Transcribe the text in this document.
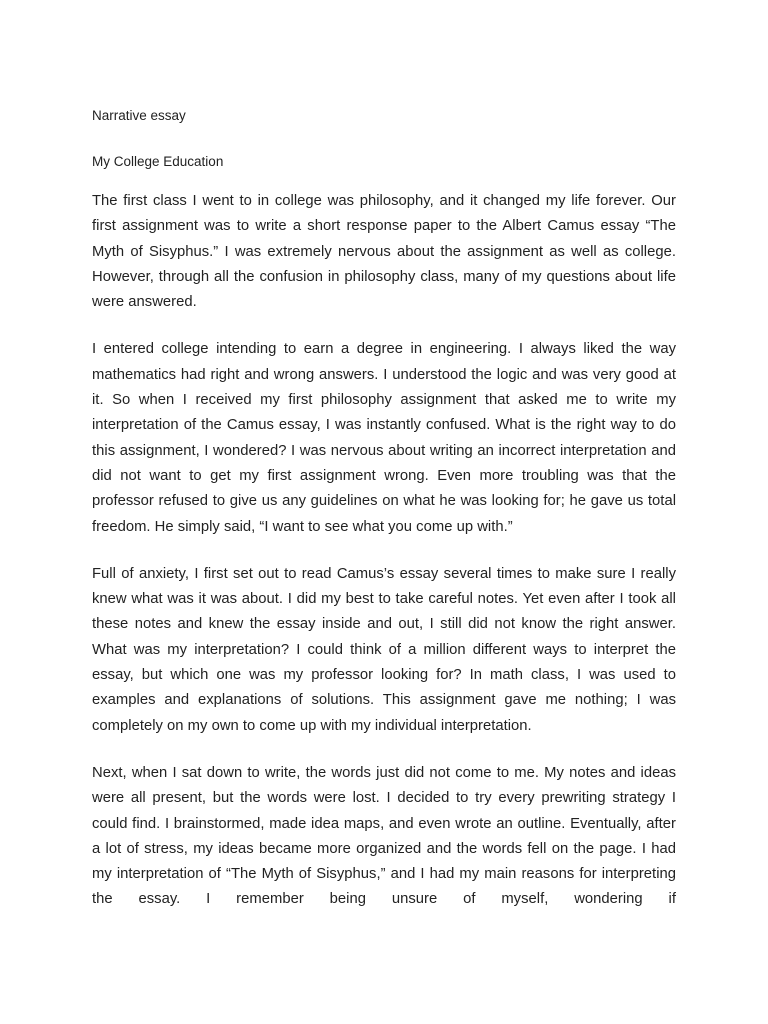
Narrative essay
My College Education

The first class I went to in college was philosophy, and it changed my life forever. Our first assignment was to write a short response paper to the Albert Camus essay “The Myth of Sisyphus.” I was extremely nervous about the assignment as well as college. However, through all the confusion in philosophy class, many of my questions about life were answered.

I entered college intending to earn a degree in engineering. I always liked the way mathematics had right and wrong answers. I understood the logic and was very good at it. So when I received my first philosophy assignment that asked me to write my interpretation of the Camus essay, I was instantly confused. What is the right way to do this assignment, I wondered? I was nervous about writing an incorrect interpretation and did not want to get my first assignment wrong. Even more troubling was that the professor refused to give us any guidelines on what he was looking for; he gave us total freedom. He simply said, “I want to see what you come up with.”

Full of anxiety, I first set out to read Camus’s essay several times to make sure I really knew what was it was about. I did my best to take careful notes. Yet even after I took all these notes and knew the essay inside and out, I still did not know the right answer. What was my interpretation? I could think of a million different ways to interpret the essay, but which one was my professor looking for? In math class, I was used to examples and explanations of solutions. This assignment gave me nothing; I was completely on my own to come up with my individual interpretation.

Next, when I sat down to write, the words just did not come to me. My notes and ideas were all present, but the words were lost. I decided to try every prewriting strategy I could find. I brainstormed, made idea maps, and even wrote an outline. Eventually, after a lot of stress, my ideas became more organized and the words fell on the page. I had my interpretation of “The Myth of Sisyphus,” and I had my main reasons for interpreting the essay. I remember being unsure of myself, wondering if
